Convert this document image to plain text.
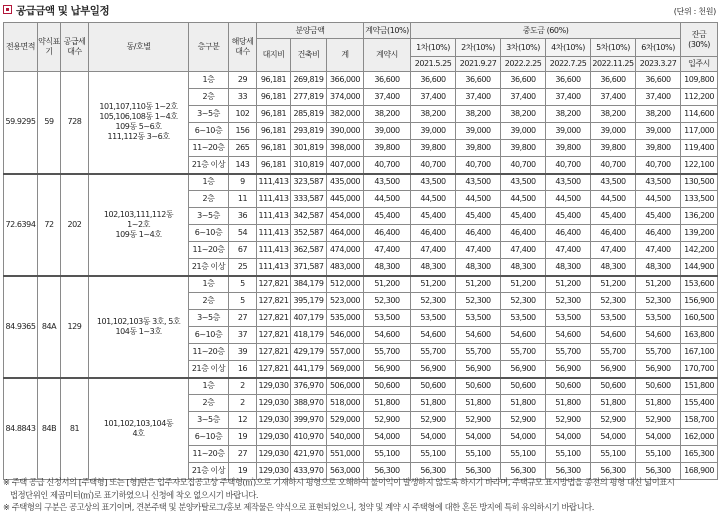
공급금액 및 납부일정	(단위 : 천원)
전용면적	약식표기	공급세대수	동/호별	층구분	해당세대수	분양금액			계약금(10%)	중도금 (60%)						잔금(30%)
						대지비	건축비	계	계약시	1차(10%)	2차(10%)	3차(10%)	4차(10%)	5차(10%)	6차(10%)	
										2021.5.25	2021.9.27	2022.2.25	2022.7.25	2022.11.25	2023.3.27	입주시
59.9295	59	728	101,107,110동 1~2호
105,106,108동 1~4호
109동 5~6호
111,112동 3~6호	1층	29	96,181	269,819	366,000	36,600	36,600	36,600	36,600	36,600	36,600	36,600	109,800
				2층	33	96,181	277,819	374,000	37,400	37,400	37,400	37,400	37,400	37,400	37,400	112,200
				3~5층	102	96,181	285,819	382,000	38,200	38,200	38,200	38,200	38,200	38,200	38,200	114,600
				6~10층	156	96,181	293,819	390,000	39,000	39,000	39,000	39,000	39,000	39,000	39,000	117,000
				11~20층	265	96,181	301,819	398,000	39,800	39,800	39,800	39,800	39,800	39,800	39,800	119,400
				21층 이상	143	96,181	310,819	407,000	40,700	40,700	40,700	40,700	40,700	40,700	40,700	122,100
72.6394	72	202	102,103,111,112동
1~2호
109동 1~4호	1층	9	111,413	323,587	435,000	43,500	43,500	43,500	43,500	43,500	43,500	43,500	130,500
				2층	11	111,413	333,587	445,000	44,500	44,500	44,500	44,500	44,500	44,500	44,500	133,500
				3~5층	36	111,413	342,587	454,000	45,400	45,400	45,400	45,400	45,400	45,400	45,400	136,200
				6~10층	54	111,413	352,587	464,000	46,400	46,400	46,400	46,400	46,400	46,400	46,400	139,200
				11~20층	67	111,413	362,587	474,000	47,400	47,400	47,400	47,400	47,400	47,400	47,400	142,200
				21층 이상	25	111,413	371,587	483,000	48,300	48,300	48,300	48,300	48,300	48,300	48,300	144,900
84.9365	84A	129	101,102,103동 3호, 5호
104동 1~3호	1층	5	127,821	384,179	512,000	51,200	51,200	51,200	51,200	51,200	51,200	51,200	153,600
				2층	5	127,821	395,179	523,000	52,300	52,300	52,300	52,300	52,300	52,300	52,300	156,900
				3~5층	27	127,821	407,179	535,000	53,500	53,500	53,500	53,500	53,500	53,500	53,500	160,500
				6~10층	37	127,821	418,179	546,000	54,600	54,600	54,600	54,600	54,600	54,600	54,600	163,800
				11~20층	39	127,821	429,179	557,000	55,700	55,700	55,700	55,700	55,700	55,700	55,700	167,100
				21층 이상	16	127,821	441,179	569,000	56,900	56,900	56,900	56,900	56,900	56,900	56,900	170,700
84.8843	84B	81	101,102,103,104동
4호	1층	2	129,030	376,970	506,000	50,600	50,600	50,600	50,600	50,600	50,600	50,600	151,800
				2층	2	129,030	388,970	518,000	51,800	51,800	51,800	51,800	51,800	51,800	51,800	155,400
				3~5층	12	129,030	399,970	529,000	52,900	52,900	52,900	52,900	52,900	52,900	52,900	158,700
				6~10층	19	129,030	410,970	540,000	54,000	54,000	54,000	54,000	54,000	54,000	54,000	162,000
				11~20층	27	129,030	421,970	551,000	55,100	55,100	55,100	55,100	55,100	55,100	55,100	165,300
				21층 이상	19	129,030	433,970	563,000	56,300	56,300	56,300	56,300	56,300	56,300	56,300	168,900
※ 주택 공급 신청서의 [주택형] 또는 [형]란은 입주자모집공고상 주택형(㎡)으로 기재하시 평형으로 오해하여 불이익이 발생하지 않도록 하시기 바라며, 주택규모 표시방법을 종전의 평형 대신 넓이표시
법정단위인 제곱미터(㎡)로 표기하였으니 신청에 착오 없으시기 바랍니다.
※ 주택형의 구분은 공고상의 표기이며, 견본주택 및 분양카탈로그/홍보 제작물은 약식으로 표현되었으니, 청약 및 계약 시 주택형에 대한 혼돈 방지에 특히 유의하시기 바랍니다.
